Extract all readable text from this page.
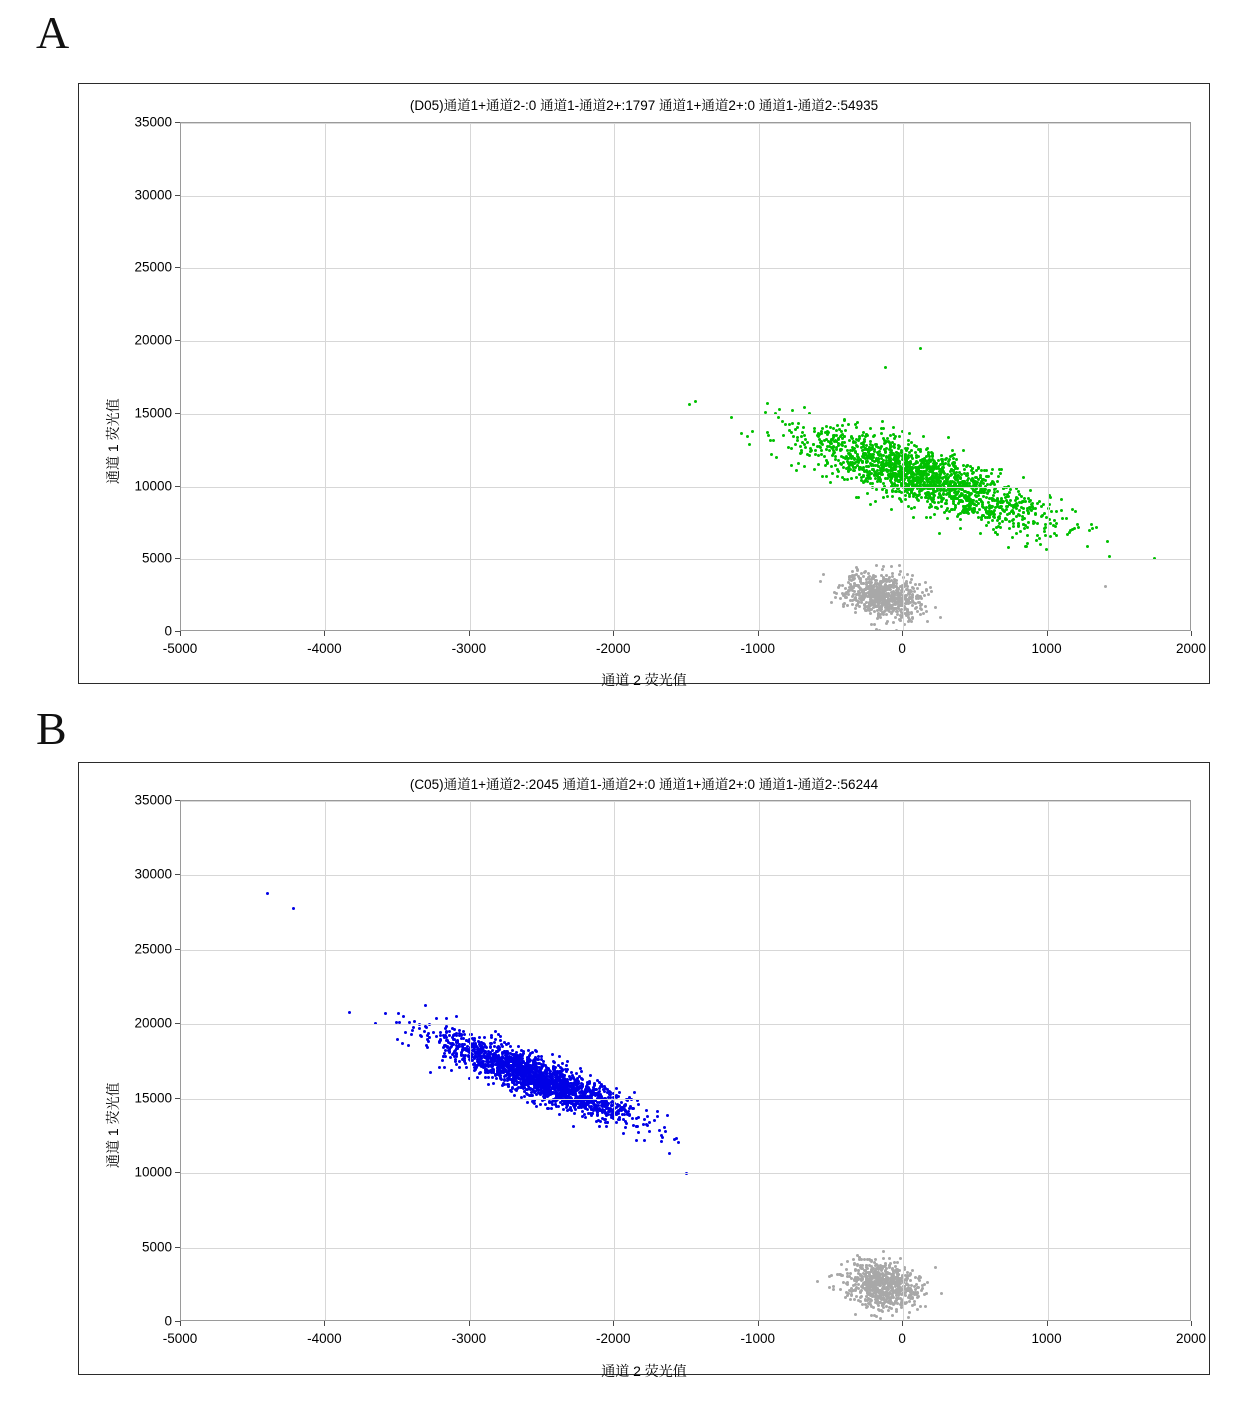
A
(D05)通道1+通道2-:0 通道1-通道2+:1797 通道1+通道2+:0 通道1-通道2-:54935
通道 2 荧光值
通道 1 荧光值
0
5000
10000
15000
20000
25000
30000
35000
-5000	-4000	-3000	-2000	-1000	0	1000	2000
B
(C05)通道1+通道2-:2045 通道1-通道2+:0 通道1+通道2+:0 通道1-通道2-:56244
通道 2 荧光值
通道 1 荧光值
0
5000
10000
15000
20000
25000
30000
35000
-5000	-4000	-3000	-2000	-1000	0	1000	2000
